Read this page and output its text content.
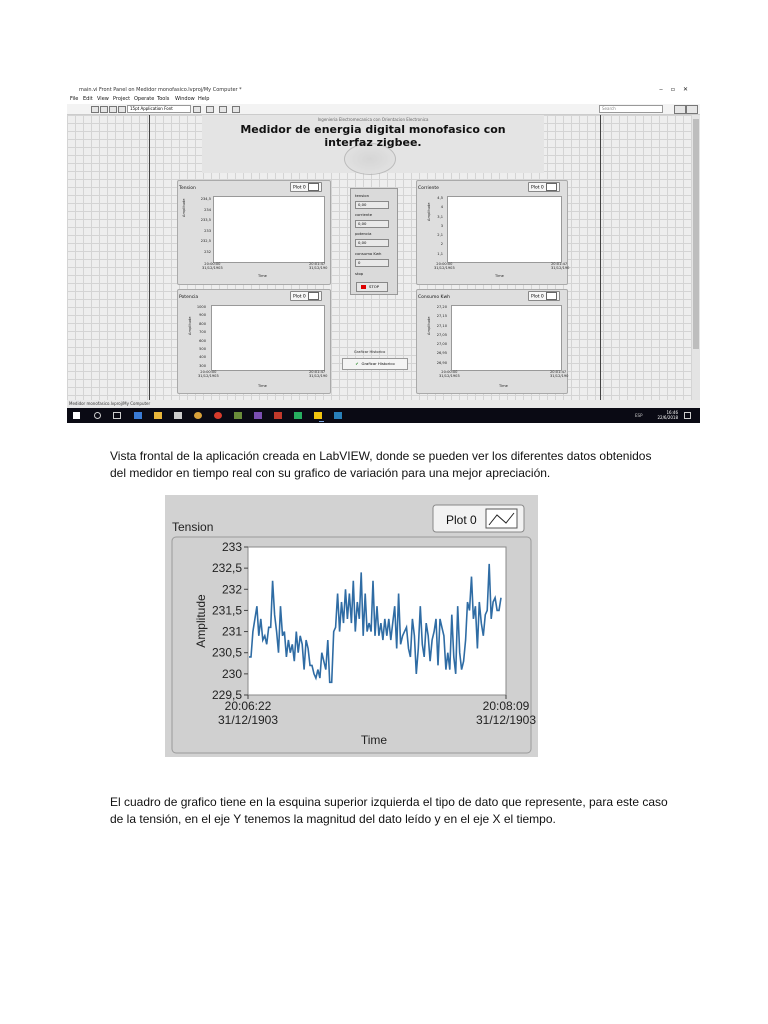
main.vi Front Panel on Medidor monofasico.lvproj/My Computer *	‒▫✕
File Edit View Project Operate Tools Window Help
15pt Application Font	Search
Ingenieria Electromecanica con Orientacion Electronica
Medidor de energia digital monofasico con
interfaz zigbee.
Tension	Plot 0
Amplitude	234,5
234
233,5
233
232,5
232
20:00:00
31/12/1903
20:01:47
31/12/190
Time
Corriente	Plot 0
Amplitude
4,5
4
3,1
3
2,1
2
1,1
20:00:00
31/12/1903
20:01:47
31/12/190
Time
Potencia	Plot 0
Amplitude
1000
900
800
700
600
500
400
300
20:00:00
31/12/1903
20:01:47
31/12/190
Time
Consumo Kwh	Plot 0
Amplitude
27,20
27,15
27,10
27,05
27,00
26,95
26,90
20:00:00
31/12/1903
20:01:47
31/12/190
Time
tension
0,00
corriente
0,00
potencia
0,00
consumo Kwh
0
stop
STOP
Graficar Historico
✔ Graficar Historico
Medidor monofasico.lvproj/My Computer
ESP
16:46
22/6/2018

Vista frontal de la aplicación creada en LabVIEW, donde se pueden ver los diferentes datos obtenidos del medidor en tiempo real con su grafico de variación para una mejor apreciación.

Tension	Plot 0
233
232,5
232
231,5
231
230,5
230
229,5
Amplitude
20:06:22
31/12/1903
20:08:09
31/12/1903
Time

El cuadro de grafico tiene en la esquina superior izquierda el tipo de dato que represente, para este caso de la tensión, en el eje Y tenemos la magnitud del dato leído y en el eje X el tiempo.
